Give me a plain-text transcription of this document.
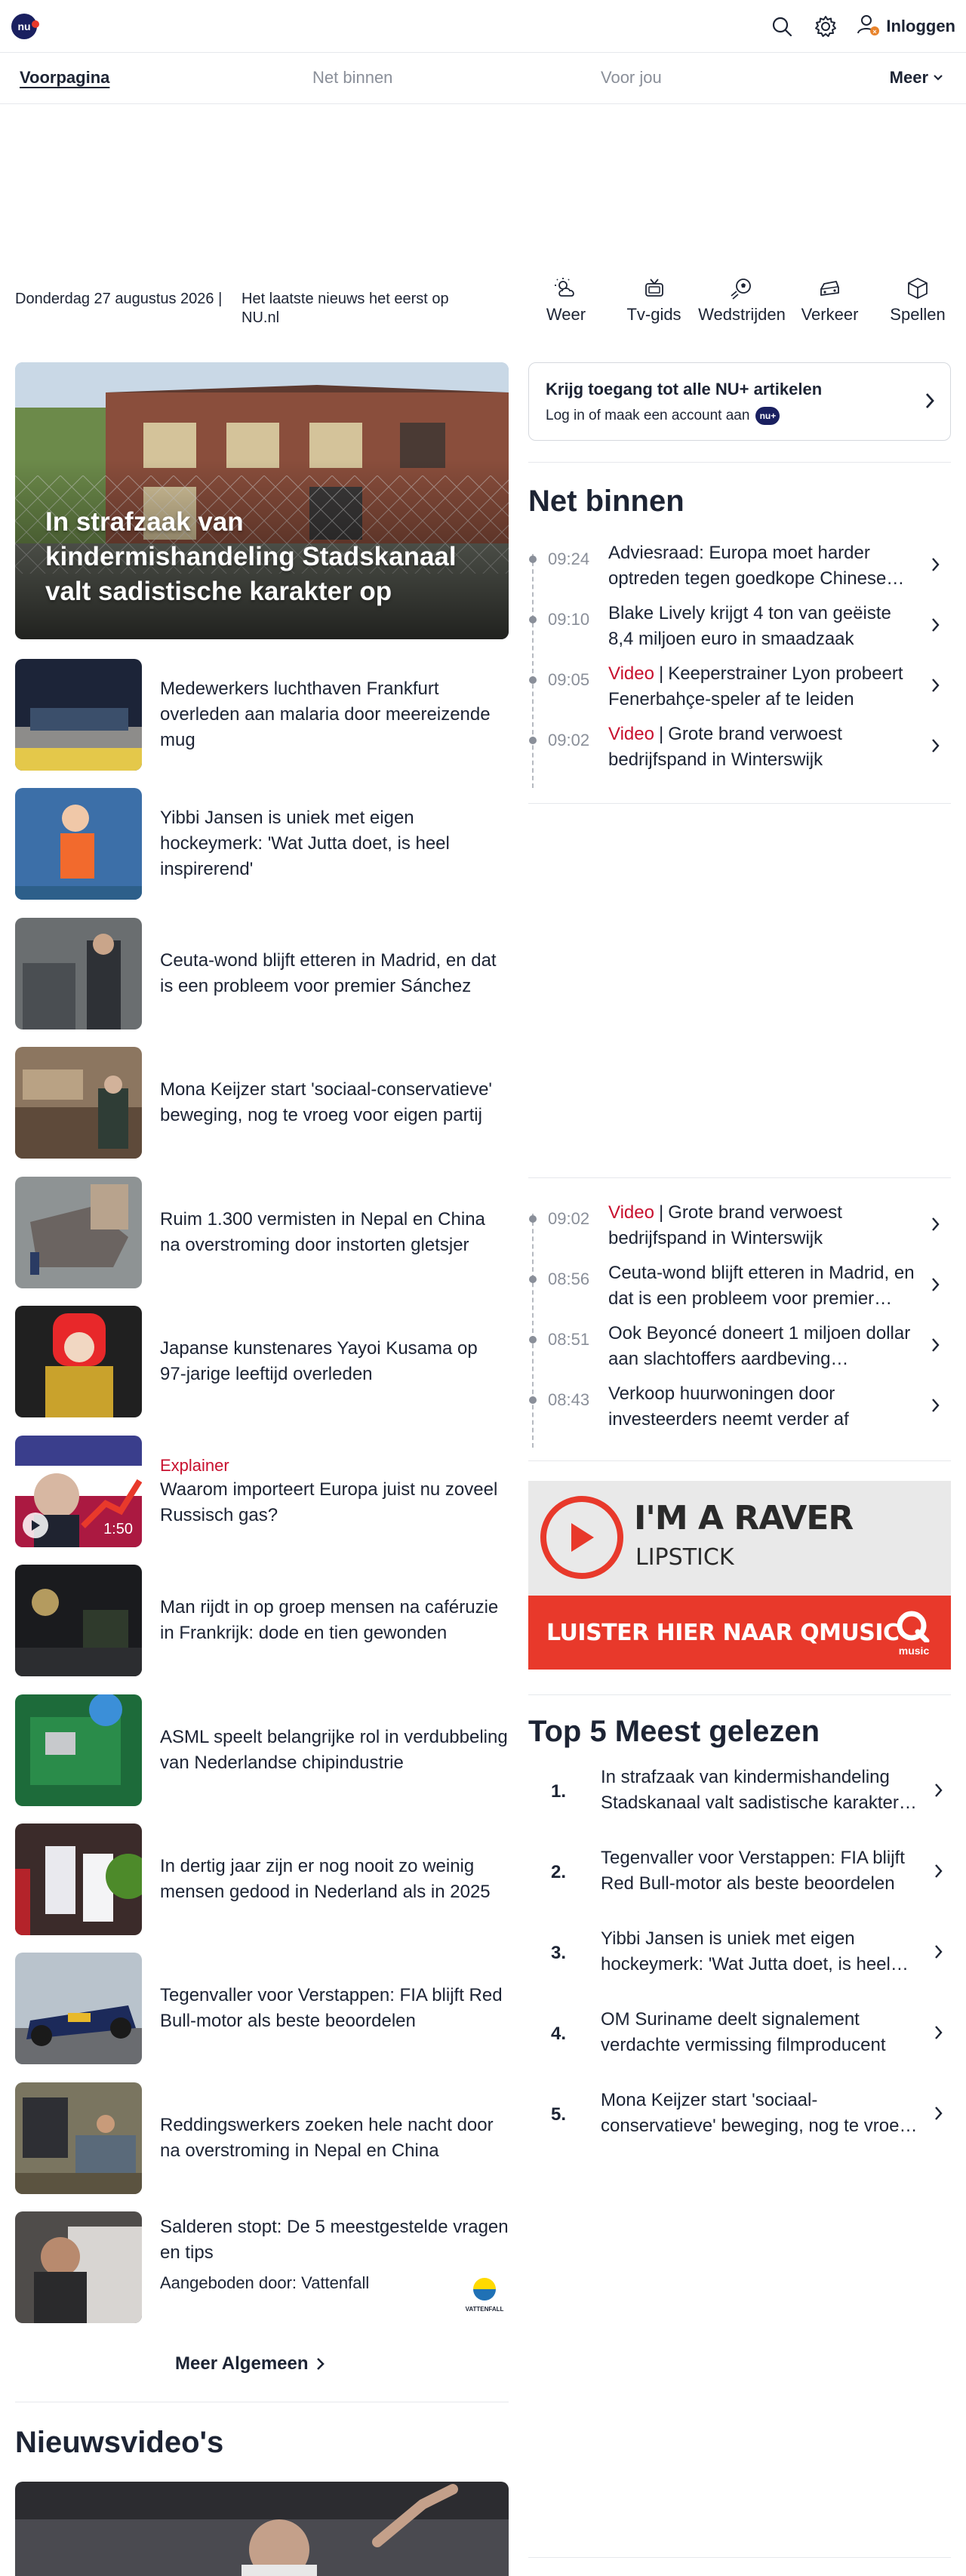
nu	× Inloggen
Voorpagina	Net binnen	Voor jou	Meer
Donderdag 27 augustus 2026 | Het laatste nieuws het eerst op NU.nl	Weer Tv-gids Wedstrijden Verkeer Spellen
In strafzaak van kindermishandeling Stadskanaal valt sadistische karakter op
Medewerkers luchthaven Frankfurt overleden aan malaria door meereizende mug
Yibbi Jansen is uniek met eigen hockeymerk: 'Wat Jutta doet, is heel inspirerend'
Ceuta-wond blijft etteren in Madrid, en dat is een probleem voor premier Sánchez
Mona Keijzer start 'sociaal-conservatieve' beweging, nog te vroeg voor eigen partij
Ruim 1.300 vermisten in Nepal en China na overstroming door instorten gletsjer
Japanse kunstenares Yayoi Kusama op 97-jarige leeftijd overleden
1:50
Explainer
Waarom importeert Europa juist nu zoveel Russisch gas?
Man rijdt in op groep mensen na caféruzie in Frankrijk: dode en tien gewonden
ASML speelt belangrijke rol in verdubbeling van Nederlandse chipindustrie
In dertig jaar zijn er nog nooit zo weinig mensen gedood in Nederland als in 2025
Tegenvaller voor Verstappen: FIA blijft Red Bull-motor als beste beoordelen
Reddingswerkers zoeken hele nacht door na overstroming in Nepal en China
Salderen stopt: De 5 meestgestelde vragen en tips
Aangeboden door: Vattenfall
VATTENFALL
Meer Algemeen
Nieuwsvideo's
Krijg toegang tot alle NU+ artikelen
Log in of maak een account aan	nu+
Net binnen
09:24 Adviesraad: Europa moet harder optreden tegen goedkope Chinese
09:10 Blake Lively krijgt 4 ton van geëiste 8,4 miljoen euro in smaadzaak
09:05 Video | Keeperstrainer Lyon probeert Fenerbahçe-speler af te leiden
09:02 Video | Grote brand verwoest bedrijfspand in Winterswijk
09:02 Video | Grote brand verwoest bedrijfspand in Winterswijk
08:56 Ceuta-wond blijft etteren in Madrid, en dat is een probleem voor premier
08:51 Ook Beyoncé doneert 1 miljoen dollar aan slachtoffers aardbeving
08:43 Verkoop huurwoningen door investeerders neemt verder af
I'M A RAVER
LIPSTICK
LUISTER HIER NAAR QMUSIC
music
Top 5 Meest gelezen
1.
In strafzaak van kindermishandeling Stadskanaal valt sadistische karakter
2.
Tegenvaller voor Verstappen: FIA blijft Red Bull-motor als beste beoordelen
3.
Yibbi Jansen is uniek met eigen hockeymerk: 'Wat Jutta doet, is heel
4.
OM Suriname deelt signalement verdachte vermissing filmproducent
5.
Mona Keijzer start 'sociaal-conservatieve' beweging, nog te vroeg
